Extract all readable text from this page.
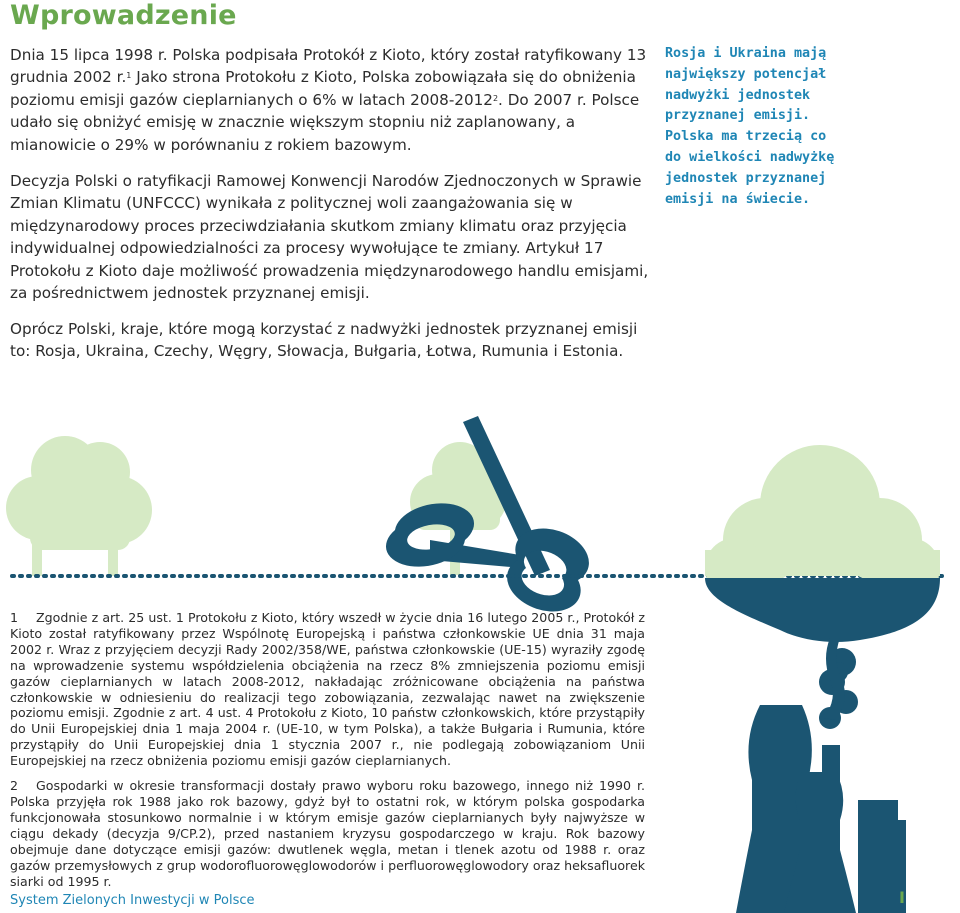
Wprowadzenie

Dnia 15 lipca 1998 r. Polska podpisała Protokół z Kioto, który został ratyfikowany 13 grudnia 2002 r.$^1$ Jako strona Protokołu z Kioto, Polska zobowiązała się do obniżenia poziomu emisji gazów cieplarnianych o 6% w latach 2008-2012$^2$. Do 2007 r. Polsce udało się obniżyć emisję w znacznie większym stopniu niż zaplanowany, a mianowicie o 29% w porównaniu z rokiem bazowym.

Decyzja Polski o ratyfikacji Ramowej Konwencji Narodów Zjednoczonych w Sprawie Zmian Klimatu (UNFCCC) wynikała z politycznej woli zaangażowania się w międzynarodowy proces przeciwdziałania skutkom zmiany klimatu oraz przyjęcia indywidualnej odpowiedzialności za procesy wywołujące te zmiany. Artykuł 17 Protokołu z Kioto daje możliwość prowadzenia międzynarodowego handlu emisjami, za pośrednictwem jednostek przyznanej emisji.

Oprócz Polski, kraje, które mogą korzystać z nadwyżki jednostek przyznanej emisji to: Rosja, Ukraina, Czechy, Węgry, Słowacja, Bułgaria, Łotwa, Rumunia i Estonia.

Rosja i Ukraina mają największy potencjał nadwyżki jednostek przyznanej emisji.

Polska ma trzecią co do wielkości nadwyżkę jednostek przyznanej emisji na świecie.

1 Zgodnie z art. 25 ust. 1 Protokołu z Kioto, który wszedł w życie dnia 16 lutego 2005 r., Protokół z Kioto został ratyfikowany przez Wspólnotę Europejską i państwa członkowskie UE dnia 31 maja 2002 r. Wraz z przyjęciem decyzji Rady 2002/358/WE, państwa członkowskie (UE-15) wyraziły zgodę na wprowadzenie systemu współdzielenia obciążenia na rzecz 8% zmniejszenia poziomu emisji gazów cieplarnianych w latach 2008-2012, nakładając zróżnicowane obciążenia na państwa członkowskie w odniesieniu do realizacji tego zobowiązania, zezwalając nawet na zwiększenie poziomu emisji. Zgodnie z art. 4 ust. 4 Protokołu z Kioto, 10 państw członkowskich, które przystąpiły do Unii Europejskiej dnia 1 maja 2004 r. (UE-10, w tym Polska), a także Bułgaria i Rumunia, które przystąpiły do Unii Europejskiej dnia 1 stycznia 2007 r., nie podlegają zobowiązaniom Unii Europejskiej na rzecz obniżenia poziomu emisji gazów cieplarnianych.

2 Gospodarki w okresie transformacji dostały prawo wyboru roku bazowego, innego niż 1990 r. Polska przyjęła rok 1988 jako rok bazowy, gdyż był to ostatni rok, w którym polska gospodarka funkcjonowała stosunkowo normalnie i w którym emisje gazów cieplarnianych były najwyższe w ciągu dekady (decyzja 9/CP.2), przed nastaniem kryzysu gospodarczego w kraju. Rok bazowy obejmuje dane dotyczące emisji gazów: dwutlenek węgla, metan i tlenek azotu od 1988 r. oraz gazów przemysłowych z grup wodorofluorowęglowodorów i perfluorowęglowodory oraz heksafluorek siarki od 1995 r.

System Zielonych Inwestycji w Polsce	I
